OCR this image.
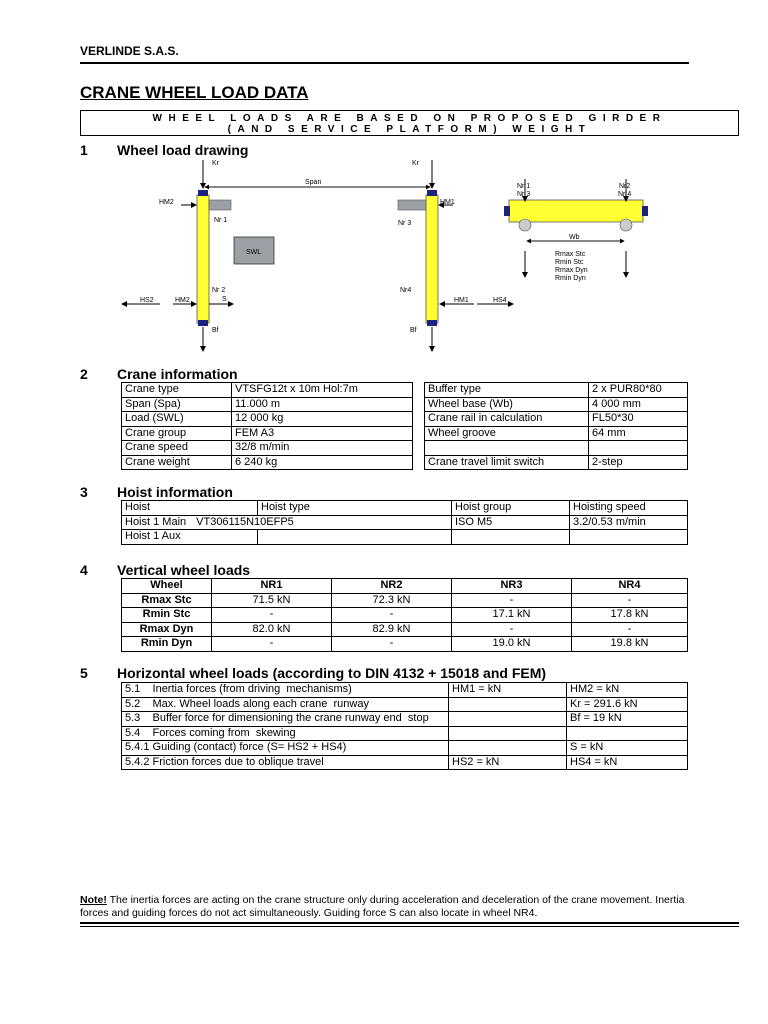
VERLINDE S.A.S.
CRANE WHEEL LOAD DATA
WHEEL LOADS ARE BASED ON PROPOSED GIRDER
(AND SERVICE PLATFORM) WEIGHT
1 Wheel load drawing
SWL
Kr	Kr
Span
HM2	HM1
Nr 1	Nr 3
Nr 2
S
Nr4
HS2	HM2	HM1	HS4
Bf	Bf
Nr 1
Nr 3
Nr2
Nr 4
Wb
Rmax Stc
Rmin Stc
Rmax Dyn
Rmin Dyn
2 Crane information
Crane type	VTSFG12t x 10m Hol:7m
Span (Spa)	11.000 m
Load (SWL)	12 000 kg
Crane group	FEM A3
Crane speed	32/8 m/min
Crane weight	6 240 kg
Buffer type	2 x PUR80*80
Wheel base (Wb)	4 000 mm
Crane rail in calculation	FL50*30
Wheel groove	64 mm

Crane travel limit switch	2-step
3 Hoist information
Hoist	Hoist type	Hoist group	Hoisting speed
Hoist 1 Main VT306115N10EFP5		ISO M5	3.2/0.53 m/min
Hoist 1 Aux			
4 Vertical wheel loads
Wheel	NR1	NR2	NR3	NR4
Rmax Stc	71.5 kN	72.3 kN	-	-
Rmin Stc	-	-	17.1 kN	17.8 kN
Rmax Dyn	82.0 kN	82.9 kN	-	-
Rmin Dyn	-	-	19.0 kN	19.8 kN
5 Horizontal wheel loads (according to DIN 4132 + 15018 and FEM)
5.1    Inertia forces (from driving  mechanisms)	HM1 = kN	HM2 = kN
5.2    Max. Wheel loads along each crane  runway		Kr = 291.6 kN
5.3    Buffer force for dimensioning the crane runway end  stop		Bf = 19 kN
5.4    Forces coming from  skewing		
5.4.1 Guiding (contact) force (S= HS2 + HS4)		S = kN
5.4.2 Friction forces due to oblique travel	HS2 = kN	HS4 = kN
Note! The inertia forces are acting on the crane structure only during acceleration and deceleration of the crane movement. Inertia forces and guiding forces do not act simultaneously. Guiding force S can also locate in wheel NR4.
